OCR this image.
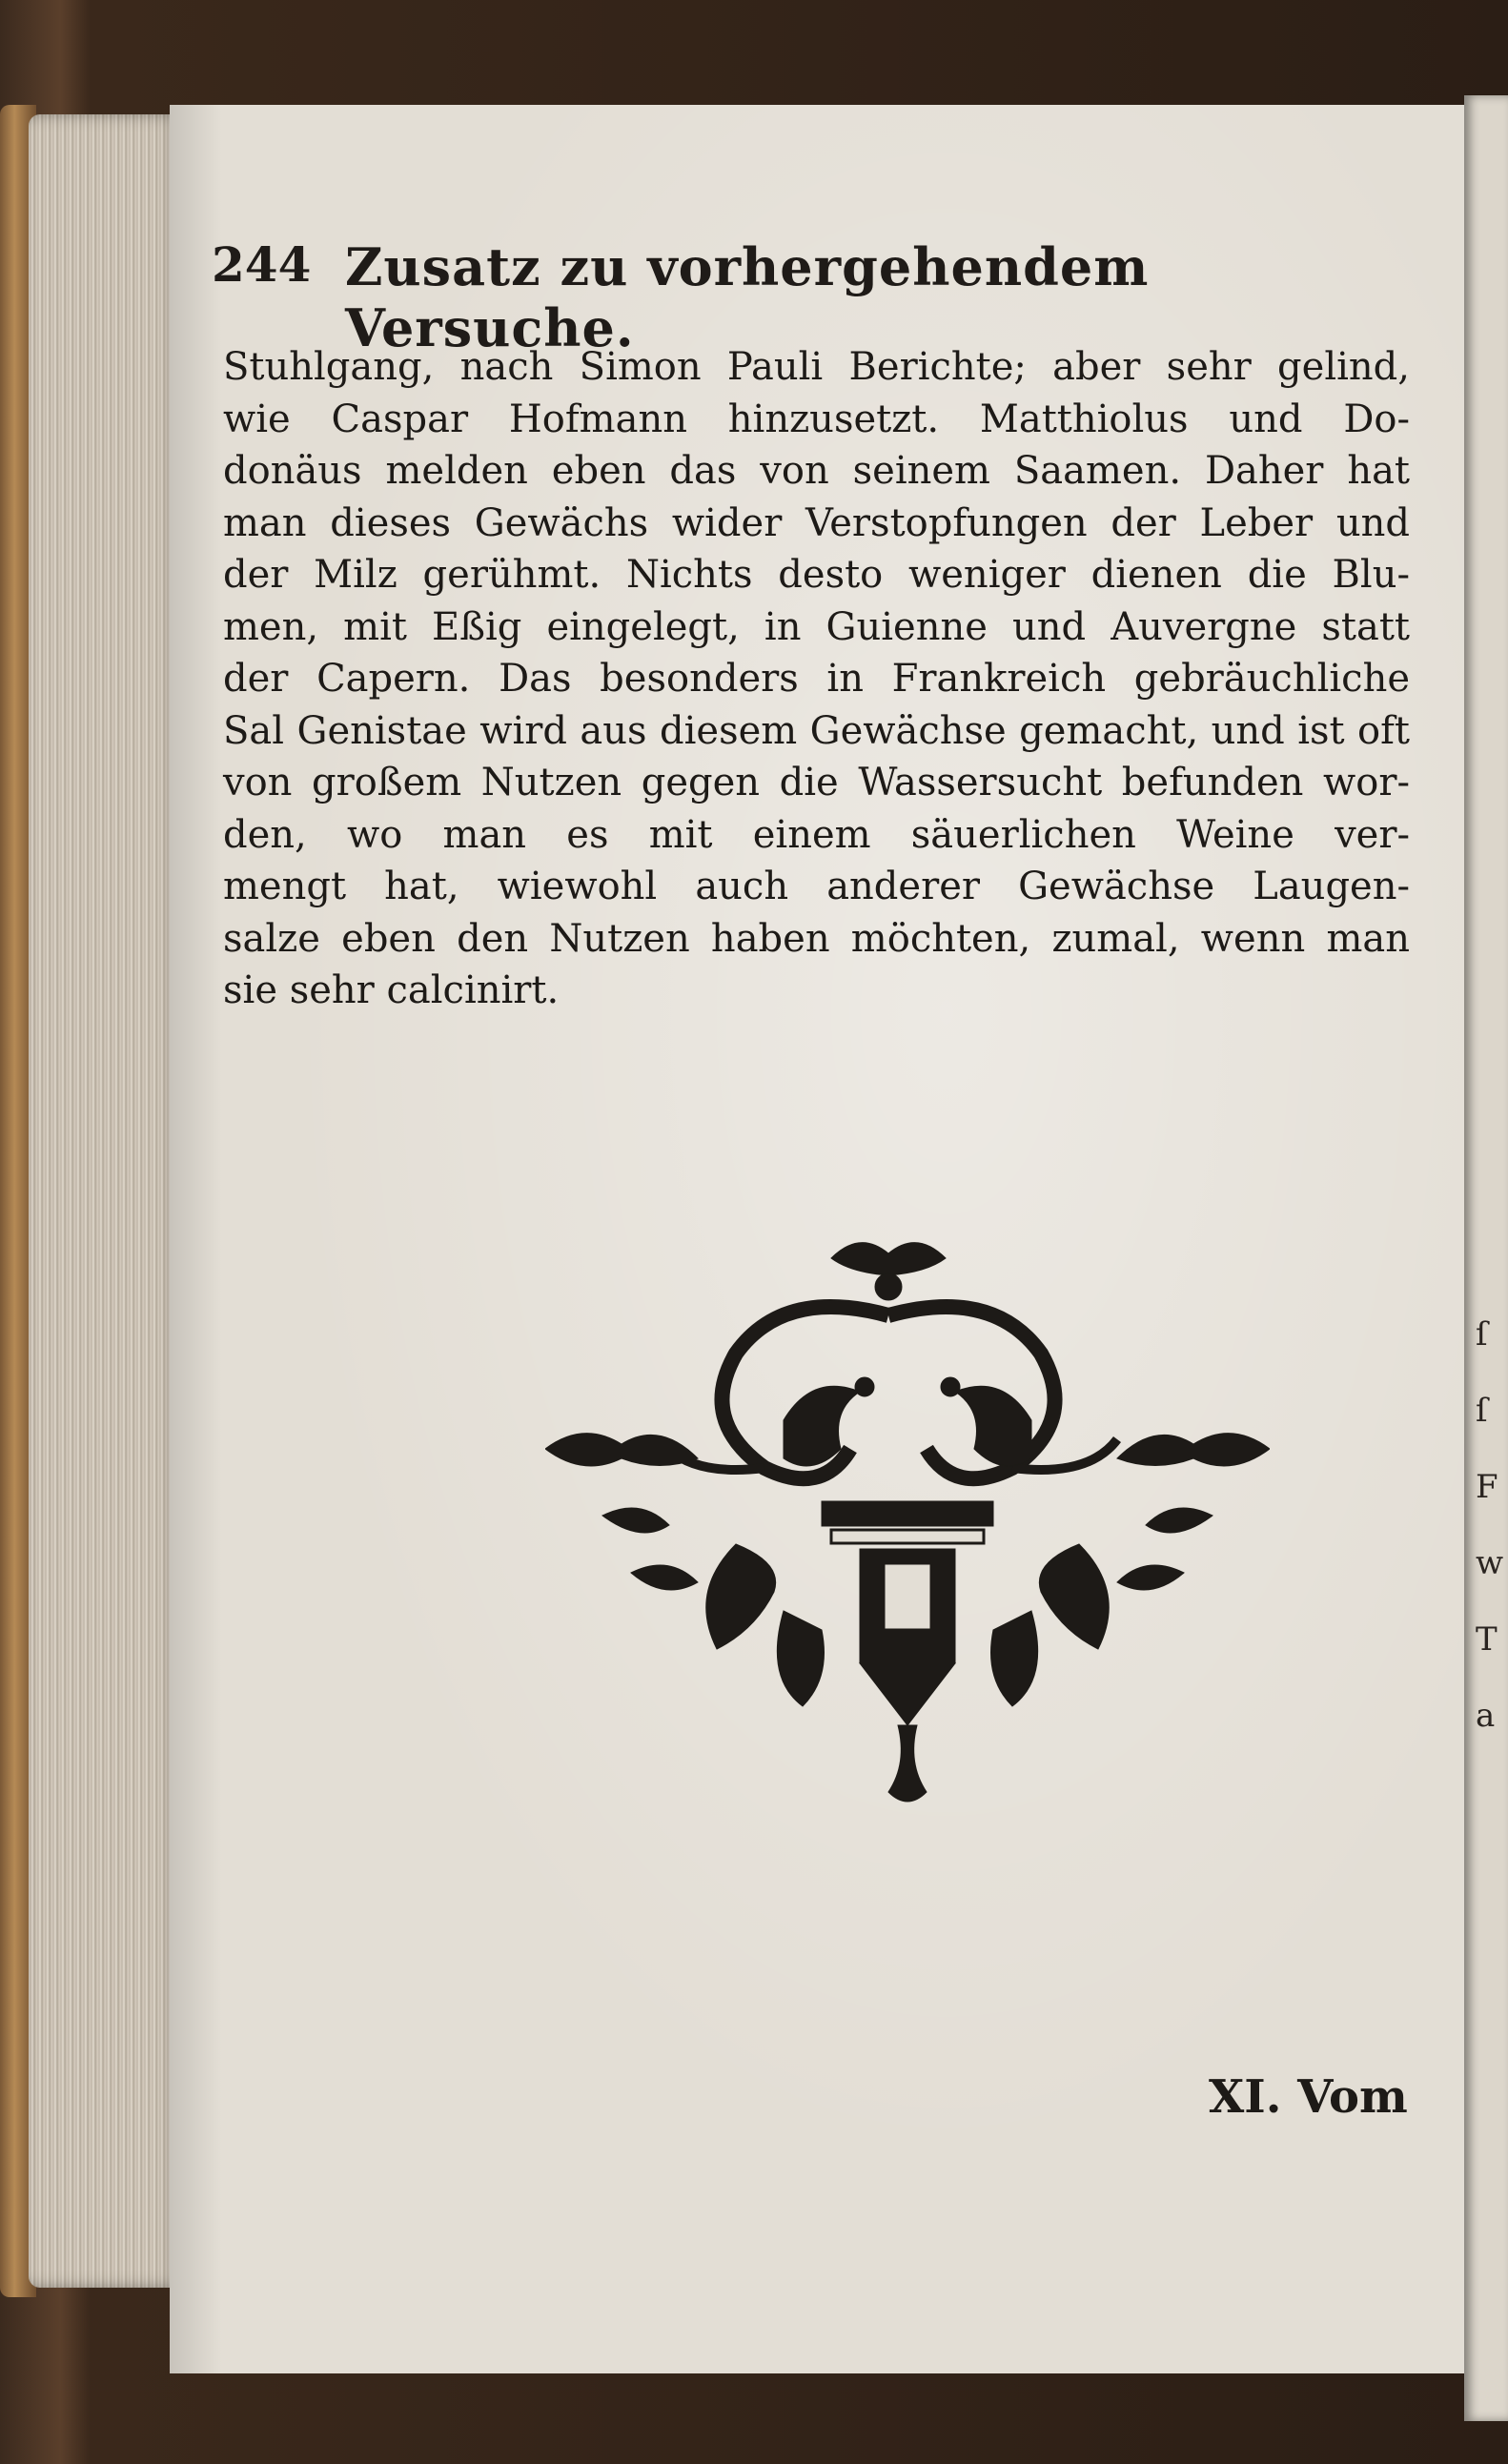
ſ
ſ
F
w
T
a
244 Zusatz zu vorhergehendem Versuche.
Stuhlgang, nach Simon Pauli Berichte; aber sehr gelind,
wie Caspar Hofmann hinzusetzt. Matthiolus und Do-
donäus melden eben das von seinem Saamen. Daher hat
man dieses Gewächs wider Verstopfungen der Leber und
der Milz gerühmt. Nichts desto weniger dienen die Blu-
men, mit Eßig eingelegt, in Guienne und Auvergne statt
der Capern. Das besonders in Frankreich gebräuchliche
Sal Genistae wird aus diesem Gewächse gemacht, und ist oft
von großem Nutzen gegen die Wassersucht befunden wor-
den, wo man es mit einem säuerlichen Weine ver-
mengt hat, wiewohl auch anderer Gewächse Laugen-
salze eben den Nutzen haben möchten, zumal, wenn man
sie sehr calcinirt.
XI. Vom
